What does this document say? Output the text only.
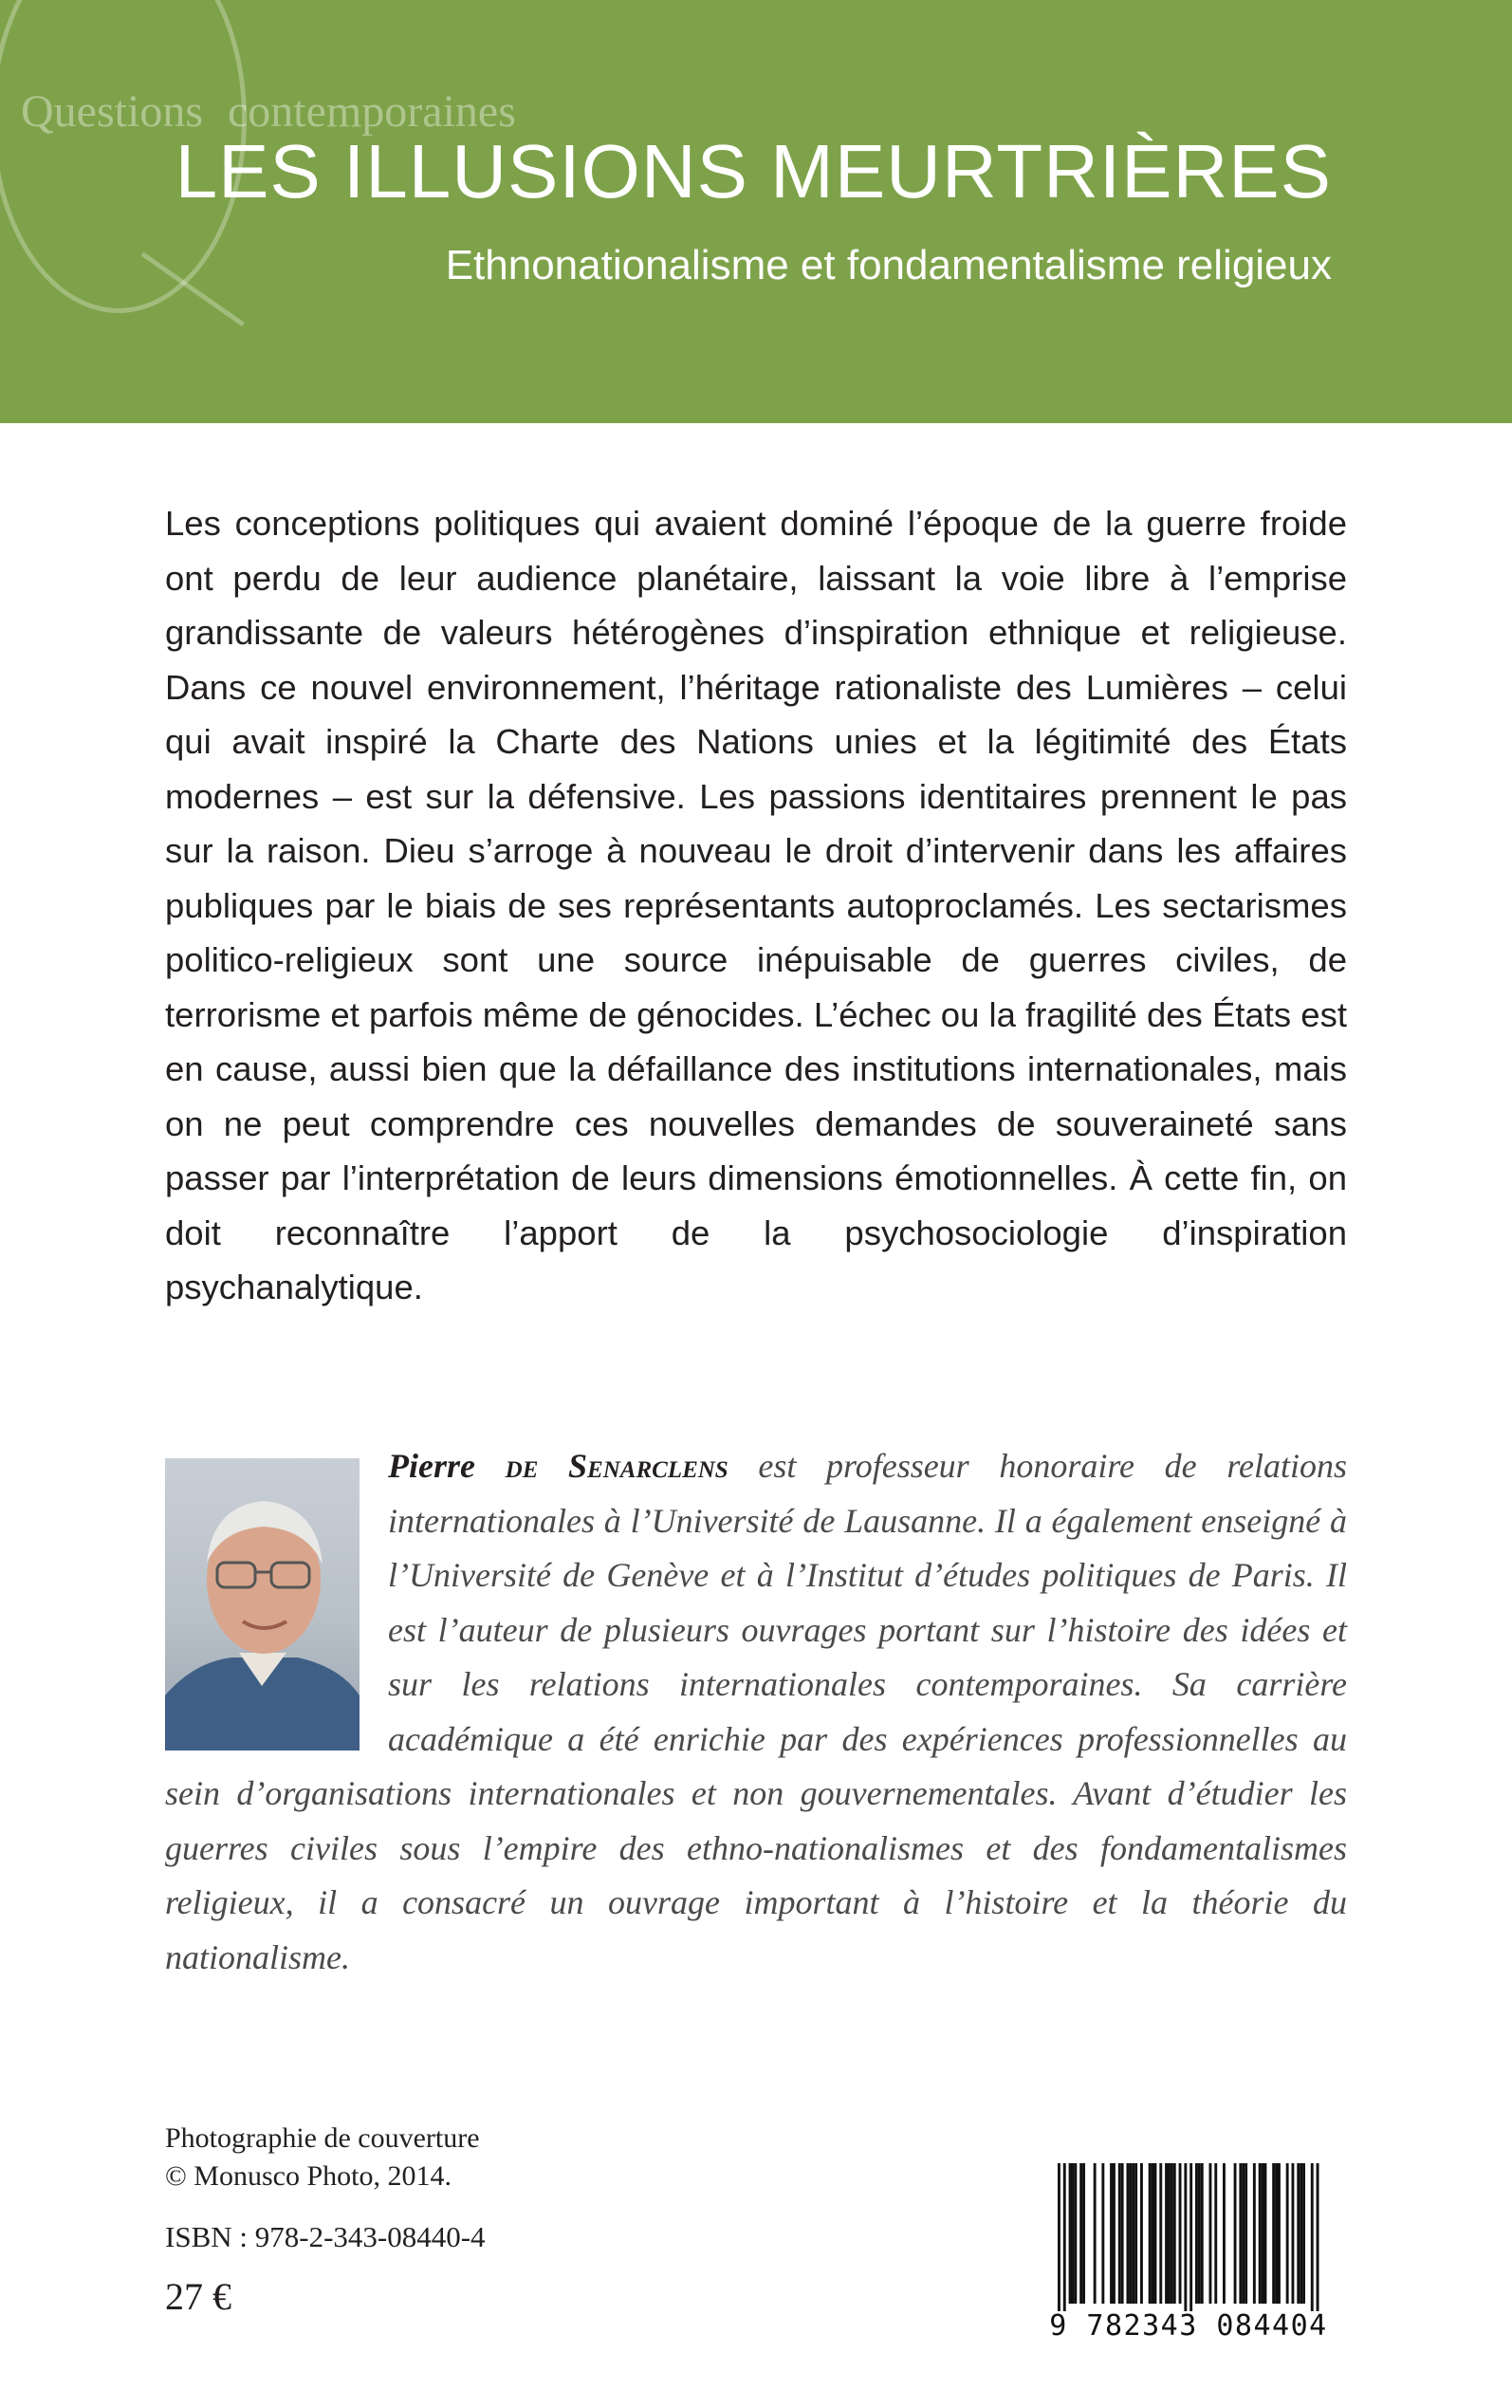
Questions contemporaines
LES ILLUSIONS MEURTRIÈRES
Ethnonationalisme et fondamentalisme religieux

Les conceptions politiques qui avaient dominé l’époque de la guerre froide ont perdu de leur audience planétaire, laissant la voie libre à l’emprise grandissante de valeurs hétérogènes d’inspiration ethnique et religieuse. Dans ce nouvel environnement, l’héritage rationaliste des Lumières – celui qui avait inspiré la Charte des Nations unies et la légitimité des États modernes – est sur la défensive. Les passions identitaires prennent le pas sur la raison. Dieu s’arroge à nouveau le droit d’intervenir dans les affaires publiques par le biais de ses représentants autoproclamés. Les sectarismes politico-religieux sont une source inépuisable de guerres civiles, de terrorisme et parfois même de génocides. L’échec ou la fragilité des États est en cause, aussi bien que la défaillance des institutions internationales, mais on ne peut comprendre ces nouvelles demandes de souveraineté sans passer par l’interprétation de leurs dimensions émotionnelles. À cette fin, on doit reconnaître l’apport de la psychosociologie d’inspiration psychanalytique.

Pierre de Senarclens est professeur honoraire de relations internationales à l’Université de Lausanne. Il a également enseigné à l’Université de Genève et à l’Institut d’études politiques de Paris. Il est l’auteur de plusieurs ouvrages portant sur l’histoire des idées et sur les relations internationales contemporaines. Sa carrière académique a été enrichie par des expériences professionnelles au sein d’organisations internationales et non gouvernementales. Avant d’étudier les guerres civiles sous l’empire des ethno-nationalismes et des fondamentalismes religieux, il a consacré un ouvrage important à l’histoire et la théorie du nationalisme.
Photographie de couverture
© Monusco Photo, 2014.
ISBN : 978-2-343-08440-4
27 €
9 782343 084404
